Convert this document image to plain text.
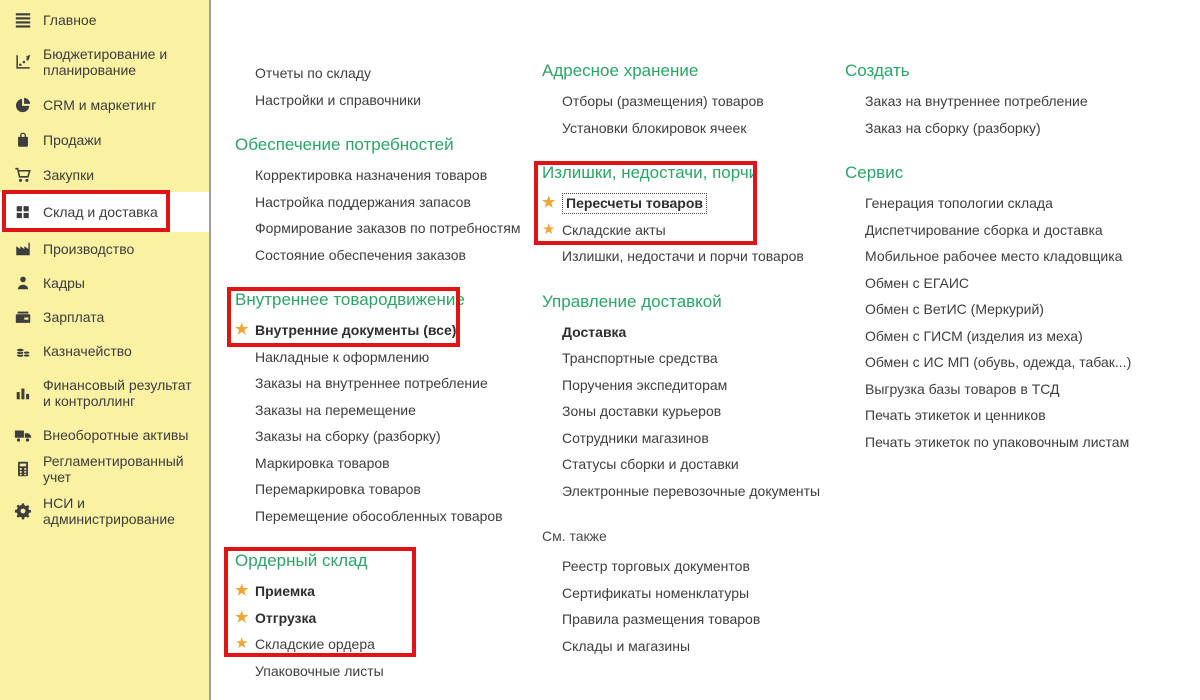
Главное
Бюджетирование и планирование
CRM и маркетинг
Продажи
Закупки
Склад и доставка
Производство
Кадры
Зарплата
Казначейство
Финансовый результат и контроллинг
Внеоборотные активы
Регламентированный учет
НСИ и администрирование
Отчеты по складу
Настройки и справочники
Обеспечение потребностей
Корректировка назначения товаров
Настройка поддержания запасов
Формирование заказов по потребностям
Состояние обеспечения заказов
Внутреннее товародвижение
★ Внутренние документы (все)
Накладные к оформлению
Заказы на внутреннее потребление
Заказы на перемещение
Заказы на сборку (разборку)
Маркировка товаров
Перемаркировка товаров
Перемещение обособленных товаров
Ордерный склад
★ Приемка
★ Отгрузка
★ Складские ордера
Упаковочные листы
Адресное хранение
Отборы (размещения) товаров
Установки блокировок ячеек
Излишки, недостачи, порчи
★ Пересчеты товаров
★ Складские акты
Излишки, недостачи и порчи товаров
Управление доставкой
Доставка
Транспортные средства
Поручения экспедиторам
Зоны доставки курьеров
Сотрудники магазинов
Статусы сборки и доставки
Электронные перевозочные документы
См. также
Реестр торговых документов
Сертификаты номенклатуры
Правила размещения товаров
Склады и магазины
Создать
Заказ на внутреннее потребление
Заказ на сборку (разборку)
Сервис
Генерация топологии склада
Диспетчирование сборка и доставка
Мобильное рабочее место кладовщика
Обмен с ЕГАИС
Обмен с ВетИС (Меркурий)
Обмен с ГИСМ (изделия из меха)
Обмен с ИС МП (обувь, одежда, табак...)
Выгрузка базы товаров в ТСД
Печать этикеток и ценников
Печать этикеток по упаковочным листам
